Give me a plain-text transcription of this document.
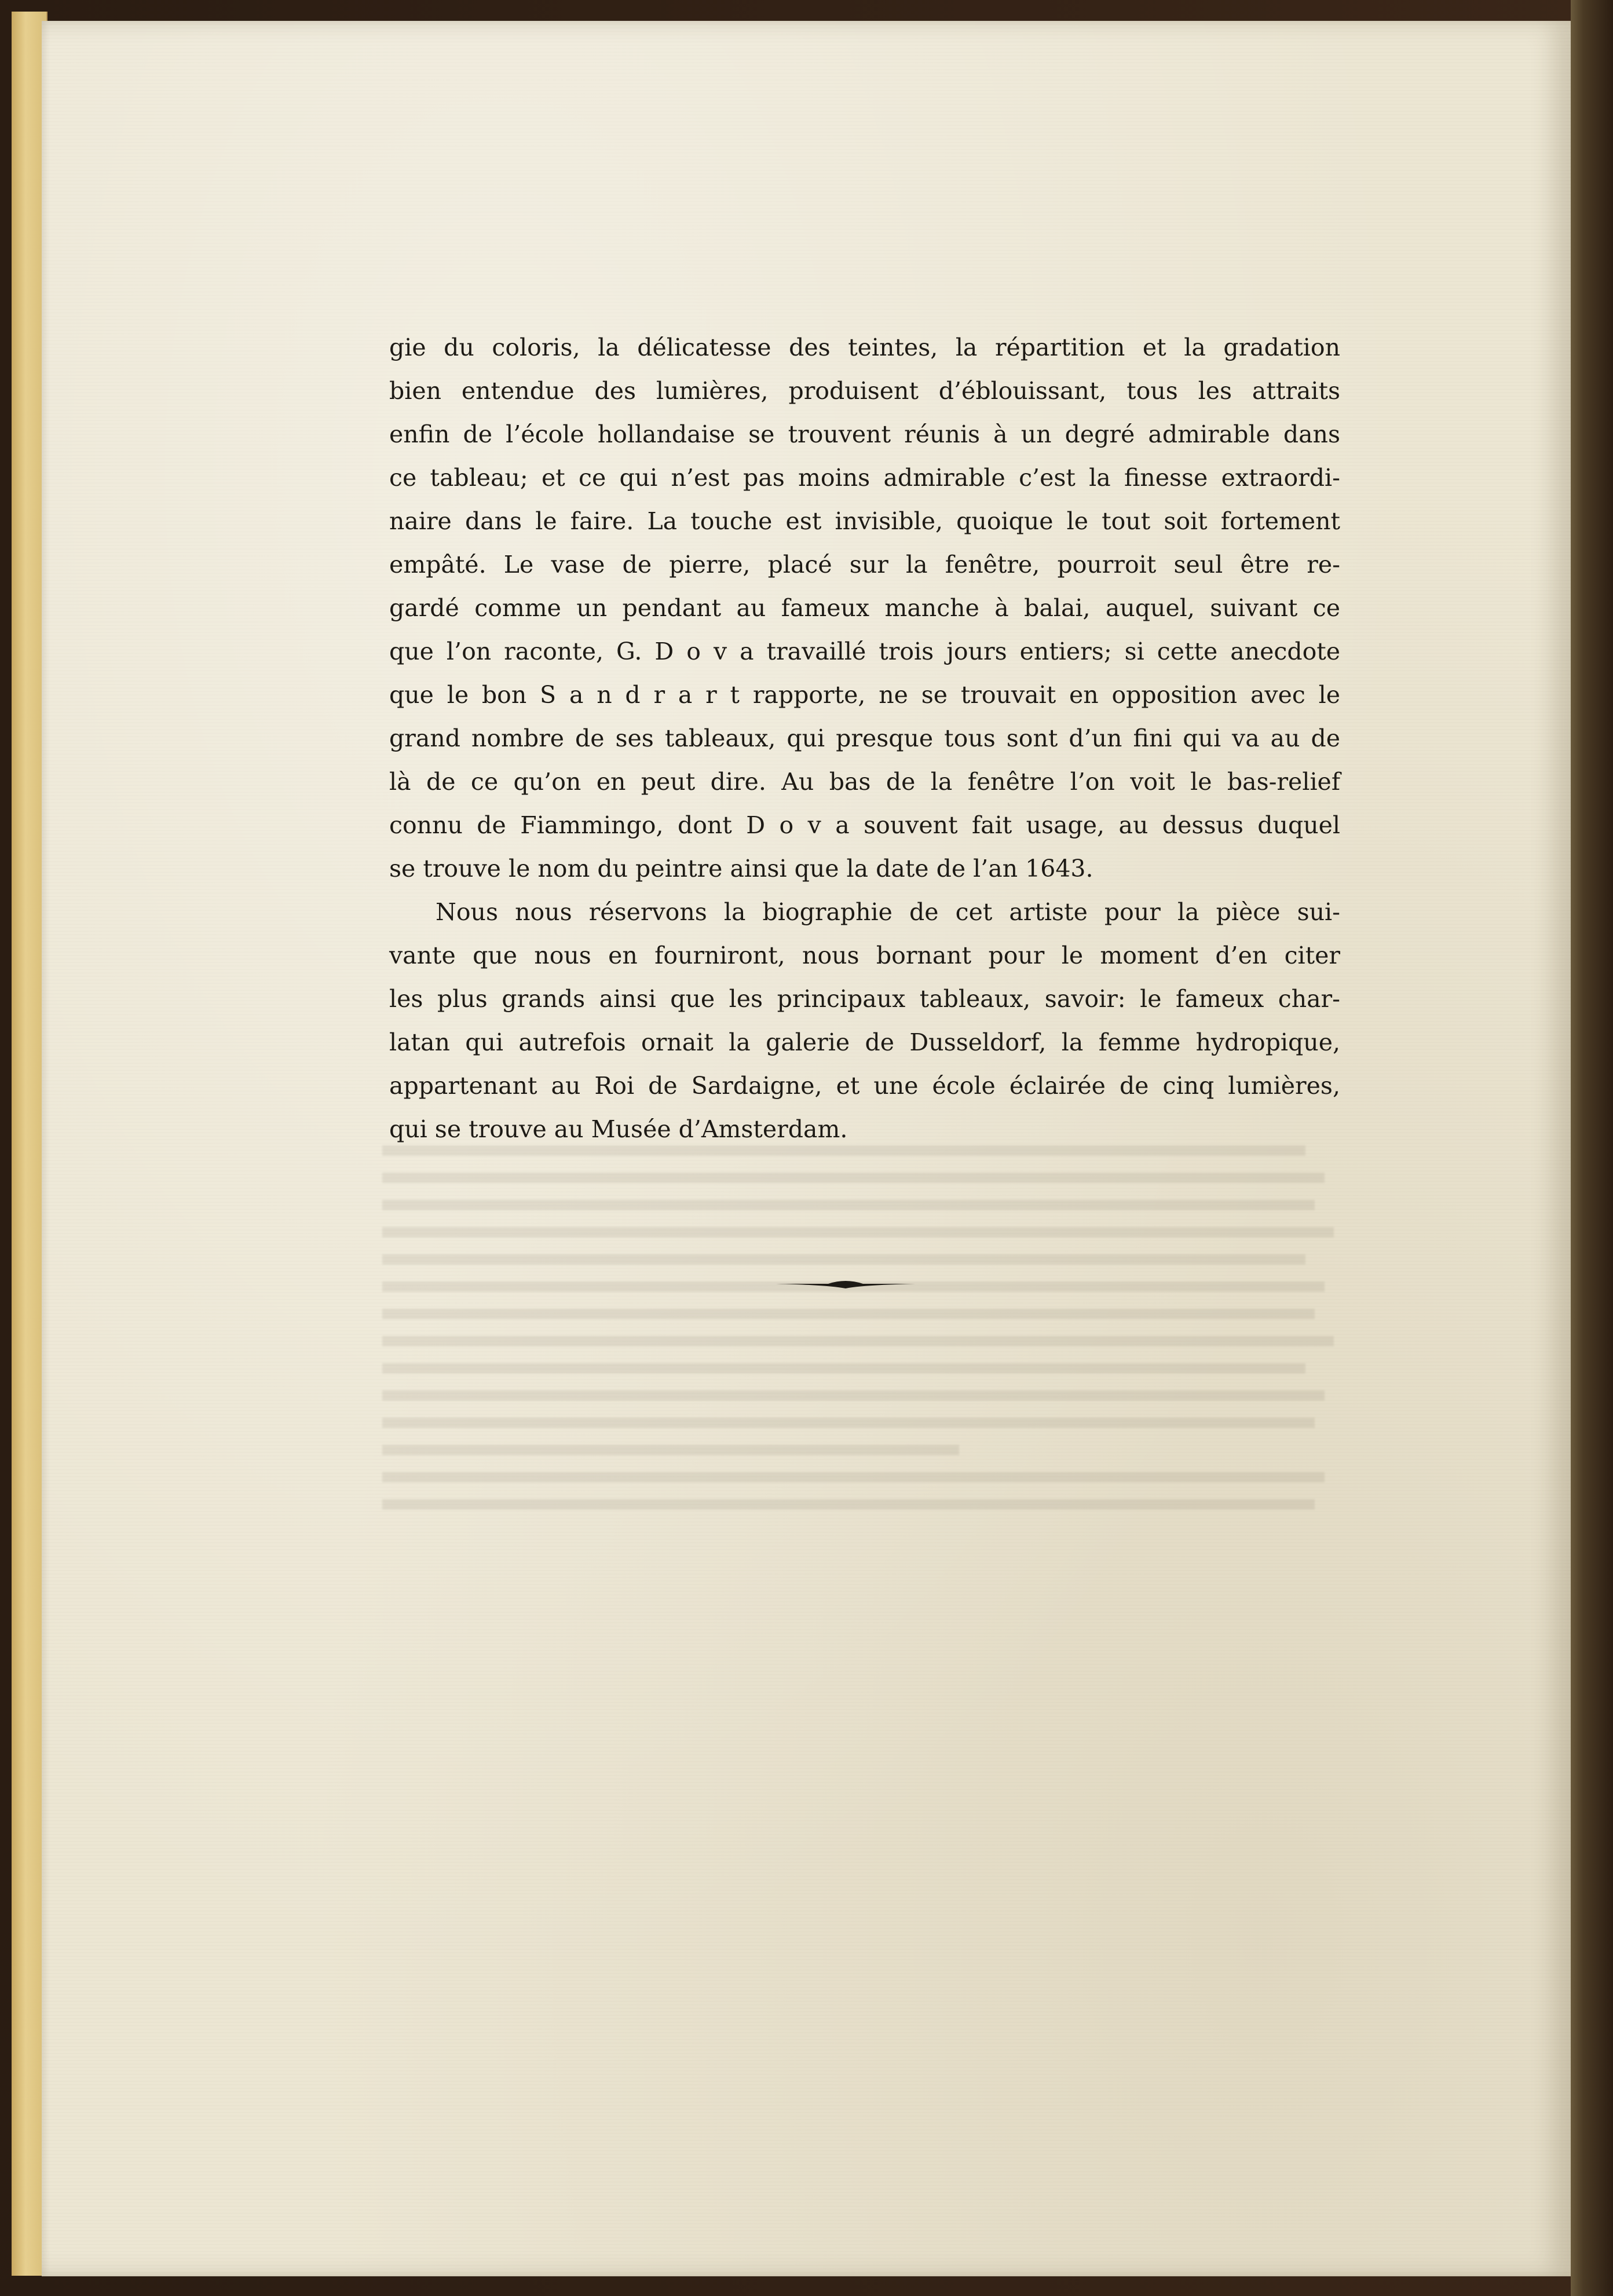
gie du coloris, la délicatesse des teintes, la répartition et la gradation
bien entendue des lumières, produisent d’éblouissant, tous les attraits
enfin de l’école hollandaise se trouvent réunis à un degré admirable dans
ce tableau; et ce qui n’est pas moins admirable c’est la finesse extraordi-
naire dans le faire. La touche est invisible, quoique le tout soit fortement
empâté. Le vase de pierre, placé sur la fenêtre, pourroit seul être re-
gardé comme un pendant au fameux manche à balai, auquel, suivant ce
que l’on raconte, G. D o v a travaillé trois jours entiers; si cette anecdote
que le bon S a n d r a r t rapporte, ne se trouvait en opposition avec le
grand nombre de ses tableaux, qui presque tous sont d’un fini qui va au de
là de ce qu’on en peut dire. Au bas de la fenêtre l’on voit le bas-relief
connu de Fiammingo, dont D o v a souvent fait usage, au dessus duquel
se trouve le nom du peintre ainsi que la date de l’an 1643.
Nous nous réservons la biographie de cet artiste pour la pièce sui-
vante que nous en fourniront, nous bornant pour le moment d’en citer
les plus grands ainsi que les principaux tableaux, savoir: le fameux char-
latan qui autrefois ornait la galerie de Dusseldorf, la femme hydropique,
appartenant au Roi de Sardaigne, et une école éclairée de cinq lumières,
qui se trouve au Musée d’Amsterdam.
